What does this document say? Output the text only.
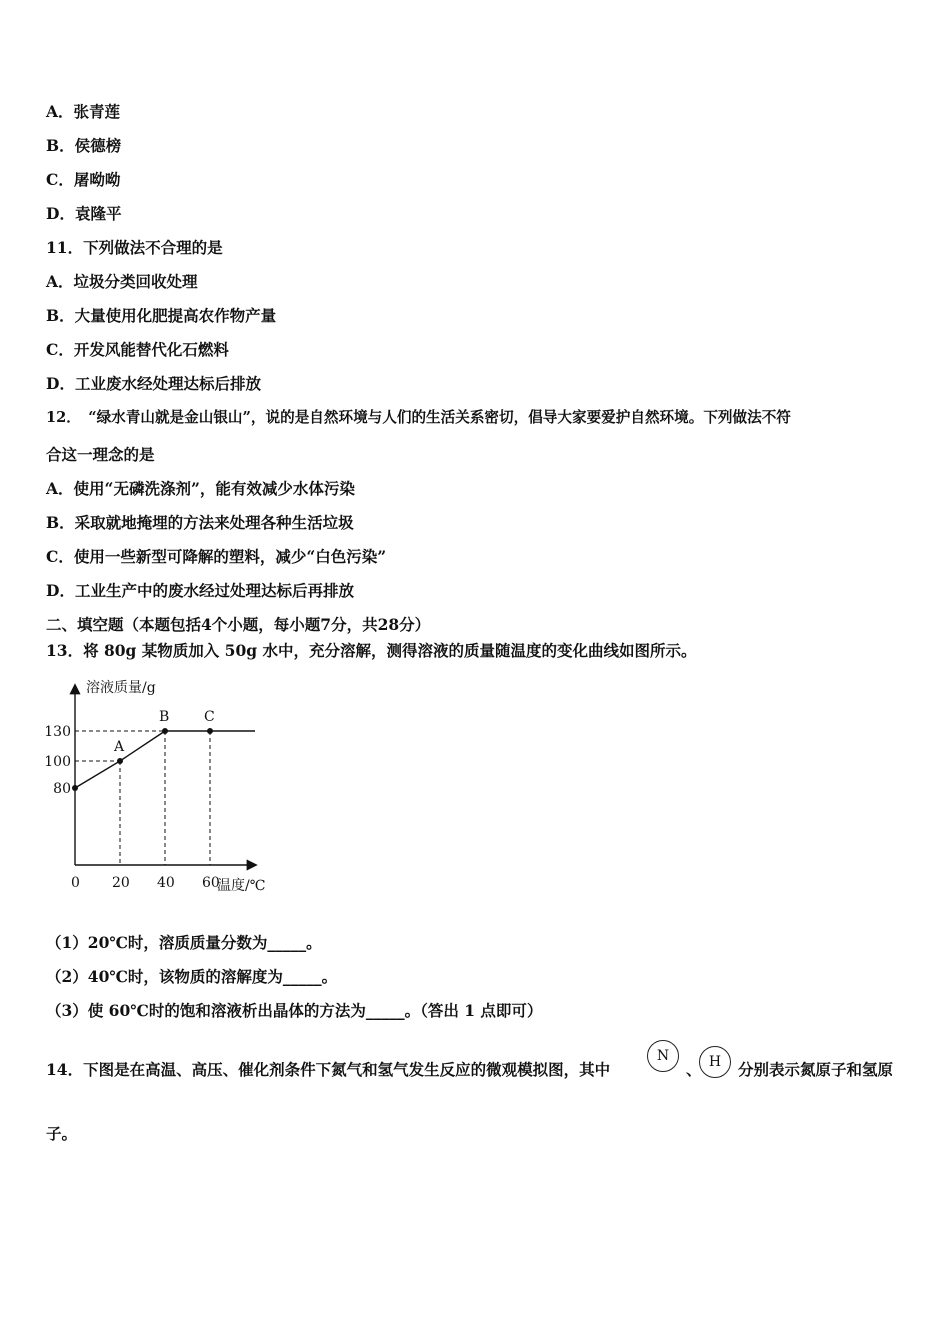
A．张青莲
B．侯德榜
C．屠呦呦
D．袁隆平
11．下列做法不合理的是
A．垃圾分类回收处理
B．大量使用化肥提高农作物产量
C．开发风能替代化石燃料
D．工业废水经处理达标后排放
12．　“绿水青山就是金山银山”，说的是自然环境与人们的生活关系密切，倡导大家要爱护自然环境。下列做法不符
合这一理念的是
A．使用“无磷洗涤剂”，能有效减少水体污染
B．采取就地掩埋的方法来处理各种生活垃圾
C．使用一些新型可降解的塑料，减少“白色污染”
D．工业生产中的废水经过处理达标后再排放
二、填空题（本题包括4个小题，每小题7分，共28分）
13．将 80g 某物质加入 50g 水中，充分溶解，测得溶液的质量随温度的变化曲线如图所示。
溶液质量/g
温度/℃
0 20 40 60
80
100
130
A
B C
（1）20℃时，溶质质量分数为_____。
（2）40℃时，该物质的溶解度为_____。
（3）使 60℃时的饱和溶液析出晶体的方法为_____。（答出 1 点即可）
14．下图是在高温、高压、催化剂条件下氮气和氢气发生反应的微观模拟图，其中
N
、 H	分别表示氮原子和氢原
子。
